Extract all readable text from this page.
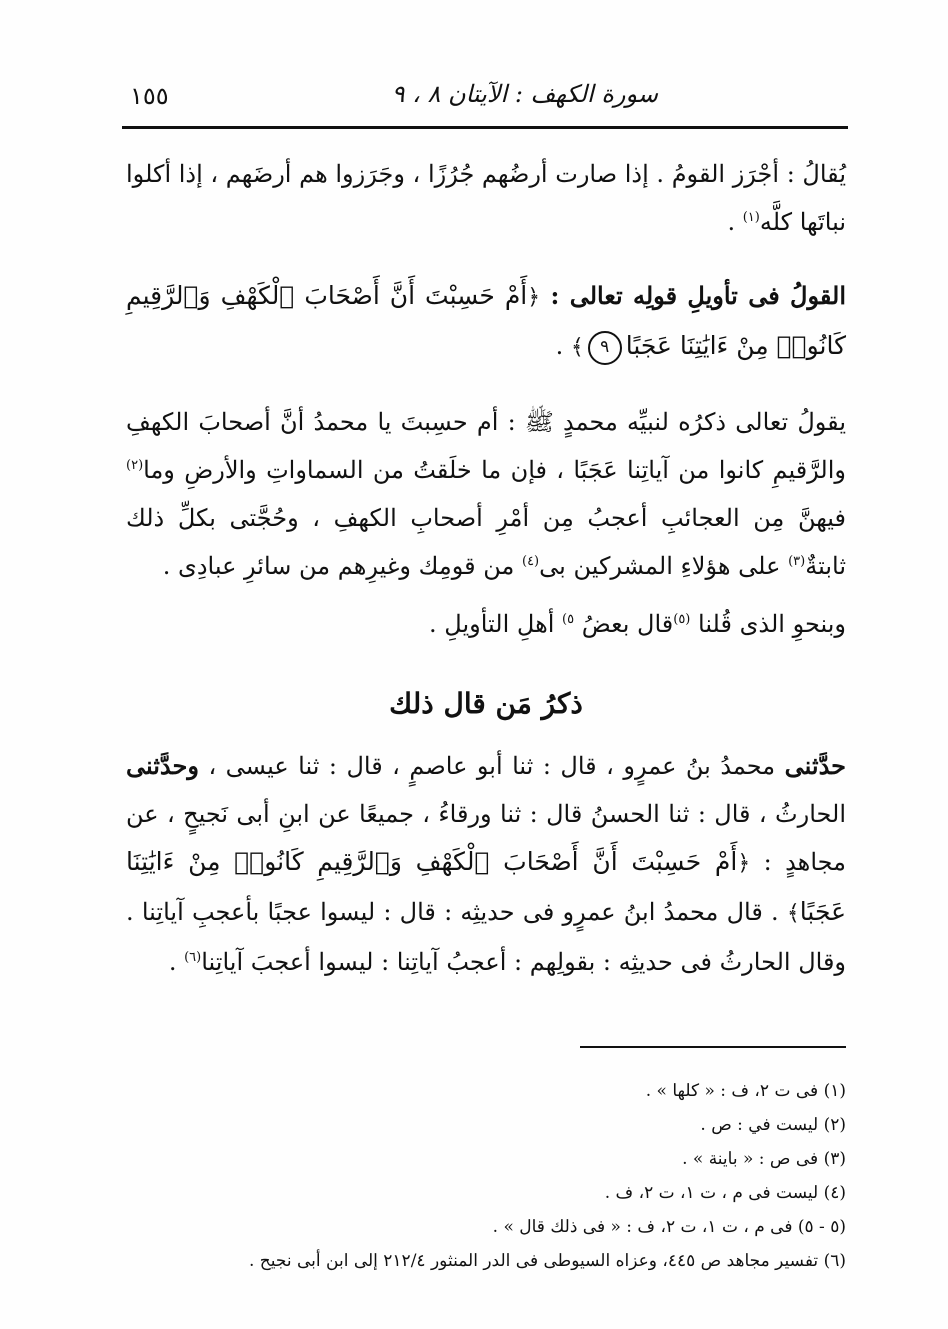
سورة الكهف : الآيتان ٨ ، ٩
١٥٥

يُقالُ : أجْرَز القومُ . إذا صارت أرضُهم جُرُزًا ، وجَرَزوا هم أرضَهم ، إذا أكلوا نباتَها كلَّه$^{(١)}$ .

القولُ فى تأويلِ قولِه تعالى : ﴿أَمْ حَسِبْتَ أَنَّ أَصْحَابَ ٱلْكَهْفِ وَٱلرَّقِيمِ كَانُوا۟ مِنْ ءَايَٰتِنَا عَجَبًا٩﴾ .

يقولُ تعالى ذكرُه لنبيِّه محمدٍ ﷺ : أم حسِبتَ يا محمدُ أنَّ أصحابَ الكهفِ والرَّقيمِ كانوا من آياتِنا عَجَبًا ، فإن ما خلَقتُ من السماواتِ والأرضِ وما$^{(٢)}$ فيهنَّ مِن العجائبِ أعجبُ مِن أمْرِ أصحابِ الكهفِ ، وحُجَّتى بكلِّ ذلك ثابتةٌ$^{(٣)}$ على هؤلاءِ المشركين بى$^{(٤)}$ من قومِك وغيرِهم من سائرِ عبادِى .

وبنحوِ الذى قُلنا $^{(٥)}$قال بعضُ $^{٥)}$ أهلِ التأويلِ .

ذكرُ مَن قال ذلك

حدَّثنى محمدُ بنُ عمرٍو ، قال : ثنا أبو عاصمٍ ، قال : ثنا عيسى ، وحدَّثنى الحارثُ ، قال : ثنا الحسنُ قال : ثنا ورقاءُ ، جميعًا عن ابنِ أبى نَجيحٍ ، عن مجاهدٍ : ﴿أَمْ حَسِبْتَ أَنَّ أَصْحَابَ ٱلْكَهْفِ وَٱلرَّقِيمِ كَانُوا۟ مِنْ ءَايَٰتِنَا عَجَبًا﴾ . قال محمدُ ابنُ عمرٍو فى حديثِه : قال : ليسوا عجبًا بأعجبِ آياتِنا . وقال الحارثُ فى حديثِه : بقولِهم : أعجبُ آياتِنا : ليسوا أعجبَ آياتِنا$^{(٦)}$ .

(١) فى ت ٢، ف : « كلها » .
(٢) ليست في : ص .
(٣) فى ص : « باينة » .
(٤) ليست فى م ، ت ١، ت ٢، ف .
(٥ - ٥) فى م ، ت ١، ت ٢، ف : « فى ذلك قال » .
(٦) تفسير مجاهد ص ٤٤٥، وعزاه السيوطى فى الدر المنثور ٢١٢/٤ إلى ابن أبى نجيح .
